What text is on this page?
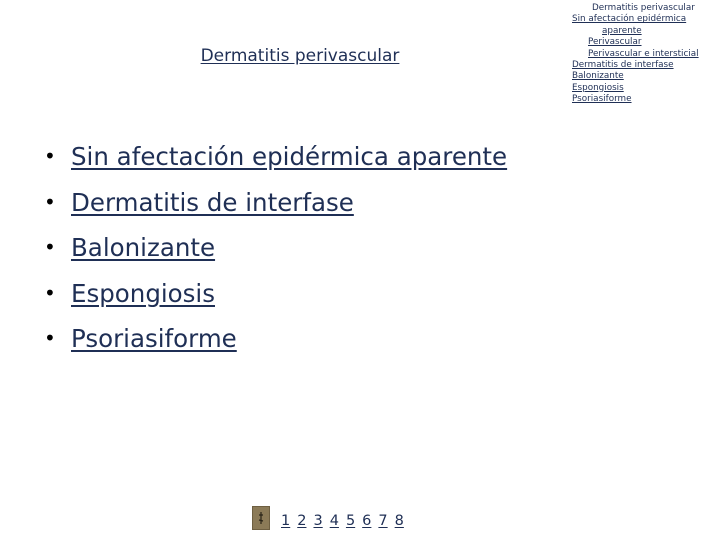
Dermatitis perivascular
• Sin afectación epidérmica aparente
• Dermatitis de interfase
• Balonizante
• Espongiosis
• Psoriasiforme
Dermatitis perivascular
Sin afectación epidérmica
aparente
Perivascular
Perivascular e intersticial
Dermatitis de interfase
Balonizante
Espongiosis
Psoriasiforme
1 2 3 4 5 6 7 8
